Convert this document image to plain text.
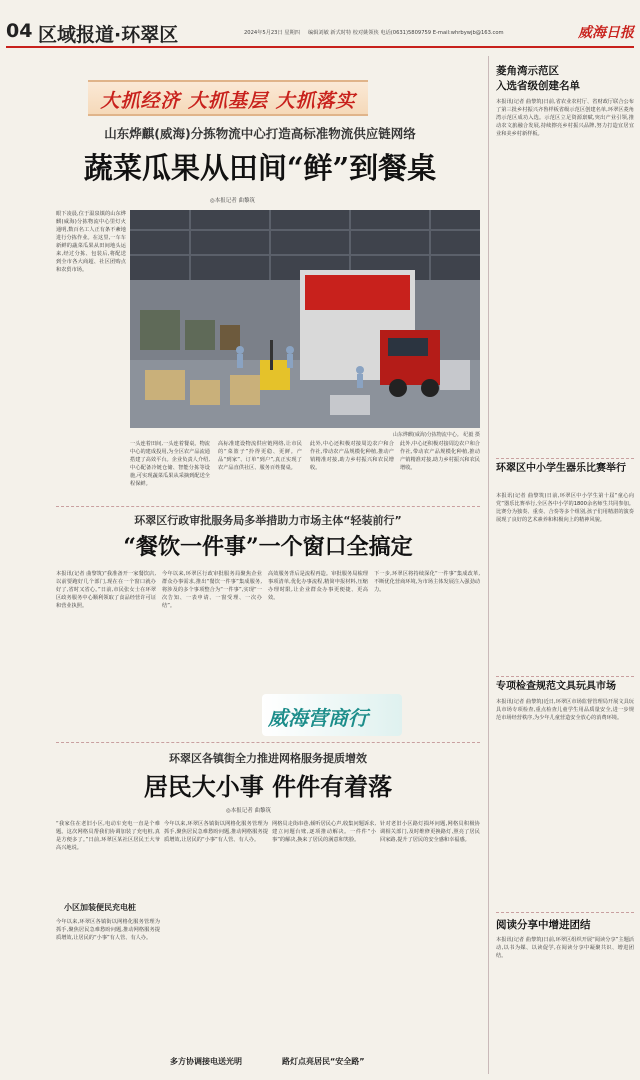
04 区域报道·环翠区	2024年5月23日 星期四 编辑刘敏 新式时特 校对姚领侠 电话(0631)5809759 E-mail:whrbywjb@163.com	威海日报
大抓经济 大抓基层 大抓落实
山东烨麒(威海)分拣物流中心打造高标准物流供应链网络
蔬菜瓜果从田间“鲜”到餐桌
◎本报记者 曲黎筑
眼下凌晨,位于温泉镇的山东烨麒(威海)分拣物流中心里灯火通明,数百名工人正有条不紊地进行分拣作业。在这里,一车车新鲜的蔬菜瓜果从田间地头运来,经过分拣、包装后,将配送到全市各大商超、社区团购点和农贸市场。
山东烨麒(威海)分拣物流中心。 纪毅 摄
一头连着田间,一头连着餐桌。物流中心的建成投用,为全区农产品流通搭建了高效平台。企业负责人介绍,中心配备冷链仓储、智能分拣等设施,可实现蔬菜瓜果从采摘到配送全程保鲜。
高标准建设物流供应链网络,让市民的“菜篮子”拎得更稳、更鲜。产品“到家”、订单“到户”,真正实现了农产品直供社区、服务百姓餐桌。
此外,中心还积极对接周边农户和合作社,带动农产品规模化种植,推动产销精准对接,助力乡村振兴和农民增收。
此外,中心还积极对接周边农户和合作社,带动农产品规模化种植,推动产销精准对接,助力乡村振兴和农民增收。
环翠区行政审批服务局多举措助力市场主体“轻装前行”
“餐饮一件事”一个窗口全搞定
本报讯(记者 曲黎筑)“我准备开一家餐饮店,以前要跑好几个部门,现在在一个窗口就办好了,省时又省心。”日前,市民张女士在环翠区政务服务中心顺利领取了食品经营许可证和营业执照。
今年以来,环翠区行政审批服务局聚焦企业群众办事需求,推出“餐饮一件事”集成服务,将涉及的多个事项整合为“一件事”,实现“一次告知、一表申请、一窗受理、一次办结”。
高效服务背后是流程再造。审批服务局梳理事项清单,优化办事流程,精简申报材料,压缩办理时限,让企业群众办事更便捷、更高效。
下一步,环翠区将持续深化“一件事”集成改革,不断优化营商环境,为市场主体发展注入强劲动力。
威海营商行
环翠区各镇街全力推进网格服务提质增效
居民大小事 件件有着落
◎本报记者 曲黎筑
“我家住在老旧小区,电动车充电一直是个难题。这次网格员帮我们协调加装了充电桩,真是方便多了。”日前,环翠区某社区居民王大爷高兴地说。
小区加装便民充电桩
今年以来,环翠区各镇街以网格化服务管理为抓手,聚焦居民急难愁盼问题,推动网格服务提质增效,让居民的“小事”有人管、有人办。
今年以来,环翠区各镇街以网格化服务管理为抓手,聚焦居民急难愁盼问题,推动网格服务提质增效,让居民的“小事”有人管、有人办。
多方协调接电送光明
网格员走街串巷,倾听居民心声,收集问题诉求,建立问题台账,逐项推动解决。一件件“小事”的解决,换来了居民的满意和笑脸。
路灯点亮居民“安全路”
针对老旧小区路灯损坏问题,网格员积极协调相关部门,及时维修更换路灯,照亮了居民回家路,提升了居民的安全感和幸福感。
菱角湾示范区
入选省级创建名单
本报讯(记者 曲黎筑)日前,省农业农村厅、省财政厅联合公布了第三批乡村振兴齐鲁样板省级示范区创建名单,环翠区菱角湾示范区成功入选。示范区立足资源禀赋,突出产业引领,推动农文旅融合发展,持续擦亮乡村振兴品牌,努力打造宜居宜业和美乡村新样板。
环翠区中小学生器乐比赛举行
本报讯(记者 曲黎筑)日前,环翠区中小学生第十届“童心向党”器乐比赛举行,全区各中小学的1800余名师生共同参加。比赛分为独奏、重奏、合奏等多个组别,孩子们用精湛的演奏展现了良好的艺术素养和积极向上的精神风貌。
专项检查规范文具玩具市场
本报讯(记者 曲黎筑)近日,环翠区市场监督管理局开展文具玩具市场专项检查,重点检查儿童学生用品质量安全,进一步规范市场经营秩序,为少年儿童营造安全放心的消费环境。
阅读分享中增进团结
本报讯(记者 曲黎筑)日前,环翠区组织开展“阅读分享”主题活动,以书为媒、以读促学,在阅读分享中凝聚共识、增进团结。
